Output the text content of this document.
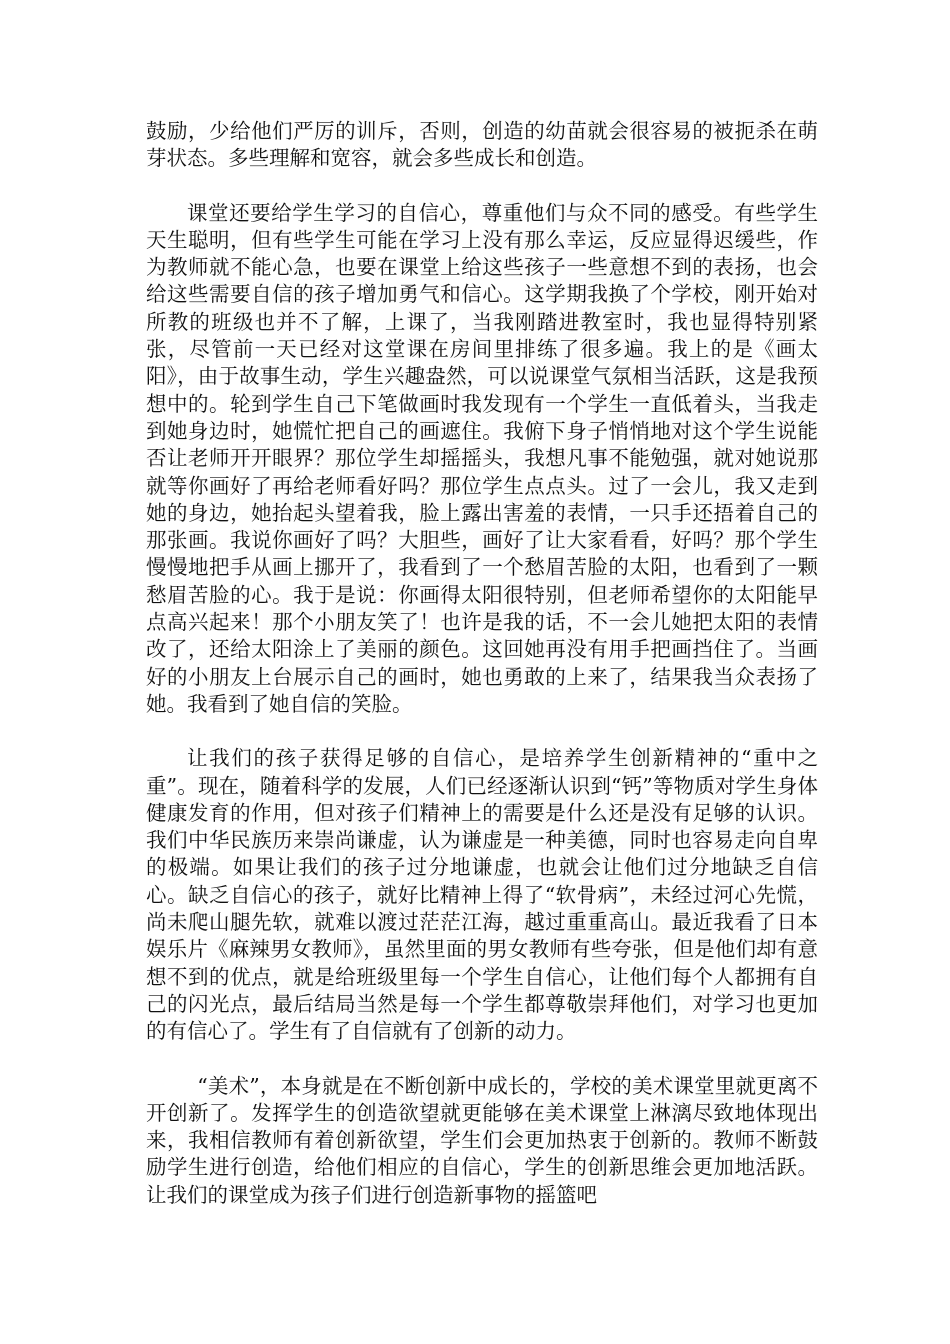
鼓励，少给他们严厉的训斥，否则，创造的幼苗就会很容易的被扼杀在萌芽状态。多些理解和宽容，就会多些成长和创造。

课堂还要给学生学习的自信心，尊重他们与众不同的感受。有些学生天生聪明，但有些学生可能在学习上没有那么幸运，反应显得迟缓些，作为教师就不能心急，也要在课堂上给这些孩子一些意想不到的表扬，也会给这些需要自信的孩子增加勇气和信心。这学期我换了个学校，刚开始对所教的班级也并不了解，上课了，当我刚踏进教室时，我也显得特别紧张，尽管前一天已经对这堂课在房间里排练了很多遍。我上的是《画太阳》，由于故事生动，学生兴趣盎然，可以说课堂气氛相当活跃，这是我预想中的。轮到学生自己下笔做画时我发现有一个学生一直低着头，当我走到她身边时，她慌忙把自己的画遮住。我俯下身子悄悄地对这个学生说能否让老师开开眼界？那位学生却摇摇头，我想凡事不能勉强，就对她说那就等你画好了再给老师看好吗？那位学生点点头。过了一会儿，我又走到她的身边，她抬起头望着我，脸上露出害羞的表情，一只手还捂着自己的那张画。我说你画好了吗？大胆些，画好了让大家看看，好吗？那个学生慢慢地把手从画上挪开了，我看到了一个愁眉苦脸的太阳，也看到了一颗愁眉苦脸的心。我于是说：你画得太阳很特别，但老师希望你的太阳能早点高兴起来！那个小朋友笑了！也许是我的话，不一会儿她把太阳的表情改了，还给太阳涂上了美丽的颜色。这回她再没有用手把画挡住了。当画好的小朋友上台展示自己的画时，她也勇敢的上来了，结果我当众表扬了她。我看到了她自信的笑脸。

让我们的孩子获得足够的自信心，是培养学生创新精神的“重中之重”。现在，随着科学的发展，人们已经逐渐认识到“钙”等物质对学生身体健康发育的作用，但对孩子们精神上的需要是什么还是没有足够的认识。我们中华民族历来崇尚谦虚，认为谦虚是一种美德，同时也容易走向自卑的极端。如果让我们的孩子过分地谦虚，也就会让他们过分地缺乏自信心。缺乏自信心的孩子，就好比精神上得了“软骨病”，未经过河心先慌，尚未爬山腿先软，就难以渡过茫茫江海，越过重重高山。最近我看了日本娱乐片《麻辣男女教师》，虽然里面的男女教师有些夸张，但是他们却有意想不到的优点，就是给班级里每一个学生自信心，让他们每个人都拥有自己的闪光点，最后结局当然是每一个学生都尊敬崇拜他们，对学习也更加的有信心了。学生有了自信就有了创新的动力。

“美术”，本身就是在不断创新中成长的，学校的美术课堂里就更离不开创新了。发挥学生的创造欲望就更能够在美术课堂上淋漓尽致地体现出来，我相信教师有着创新欲望，学生们会更加热衷于创新的。教师不断鼓励学生进行创造，给他们相应的自信心，学生的创新思维会更加地活跃。让我们的课堂成为孩子们进行创造新事物的摇篮吧
